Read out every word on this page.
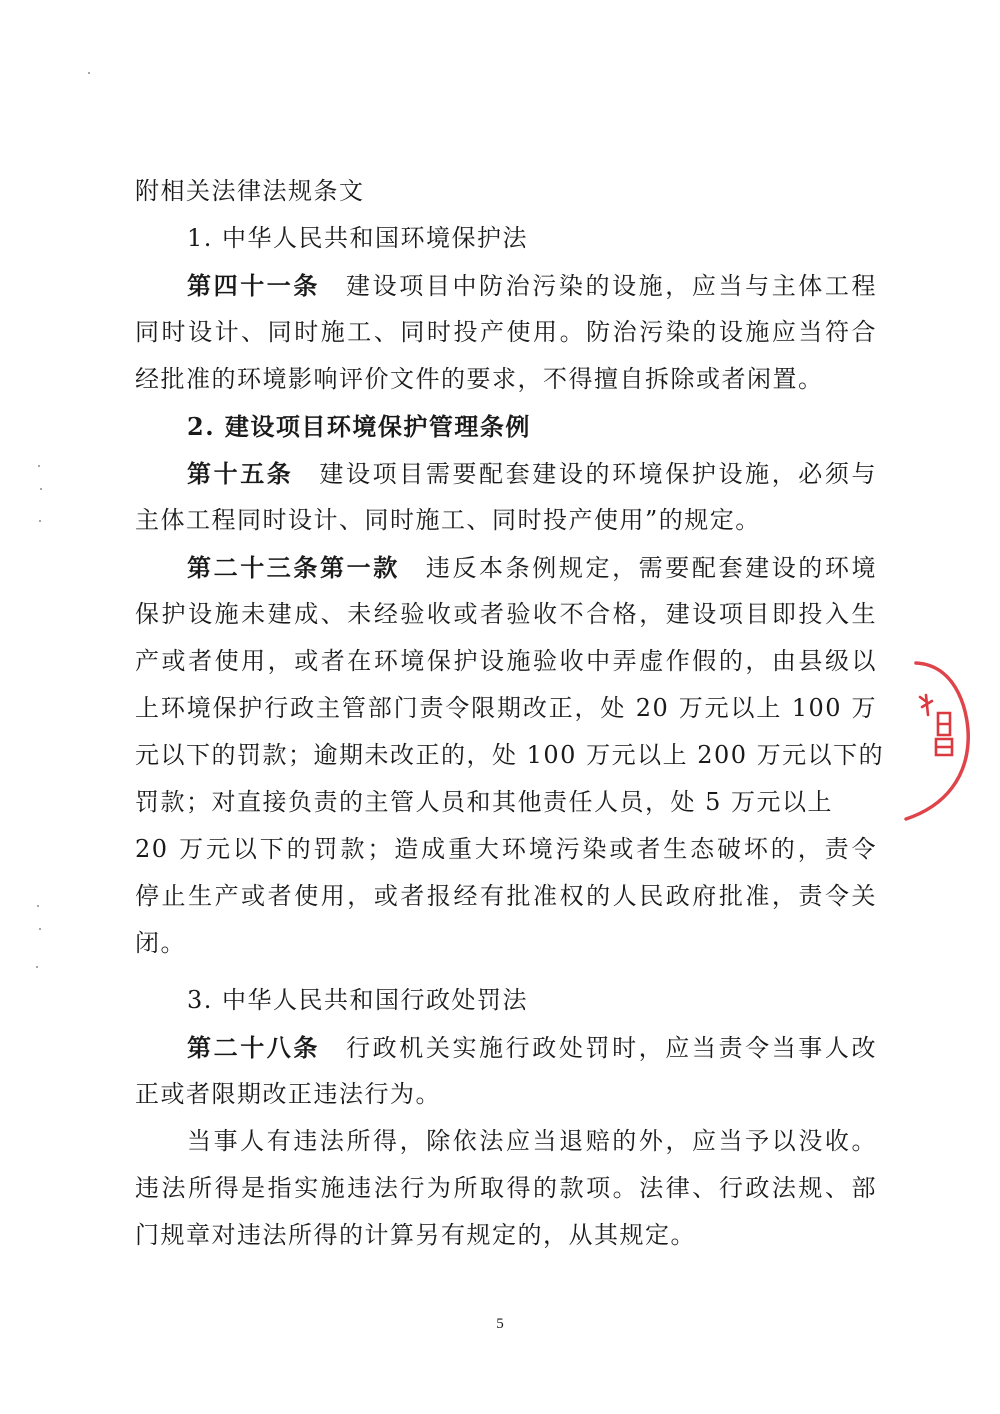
附相关法律法规条文
1. 中华人民共和国环境保护法
第四十一条 建设项目中防治污染的设施，应当与主体工程
同时设计、同时施工、同时投产使用。防治污染的设施应当符合
经批准的环境影响评价文件的要求，不得擅自拆除或者闲置。
2. 建设项目环境保护管理条例
第十五条 建设项目需要配套建设的环境保护设施，必须与
主体工程同时设计、同时施工、同时投产使用”的规定。
第二十三条第一款 违反本条例规定，需要配套建设的环境
保护设施未建成、未经验收或者验收不合格，建设项目即投入生
产或者使用，或者在环境保护设施验收中弄虚作假的，由县级以
上环境保护行政主管部门责令限期改正，处 20 万元以上 100 万
元以下的罚款；逾期未改正的，处 100 万元以上 200 万元以下的
罚款；对直接负责的主管人员和其他责任人员，处 5 万元以上
20 万元以下的罚款；造成重大环境污染或者生态破坏的，责令
停止生产或者使用，或者报经有批准权的人民政府批准，责令关
闭。
3. 中华人民共和国行政处罚法
第二十八条 行政机关实施行政处罚时，应当责令当事人改
正或者限期改正违法行为。
当事人有违法所得，除依法应当退赔的外，应当予以没收。
违法所得是指实施违法行为所取得的款项。法律、行政法规、部
门规章对违法所得的计算另有规定的，从其规定。
5
